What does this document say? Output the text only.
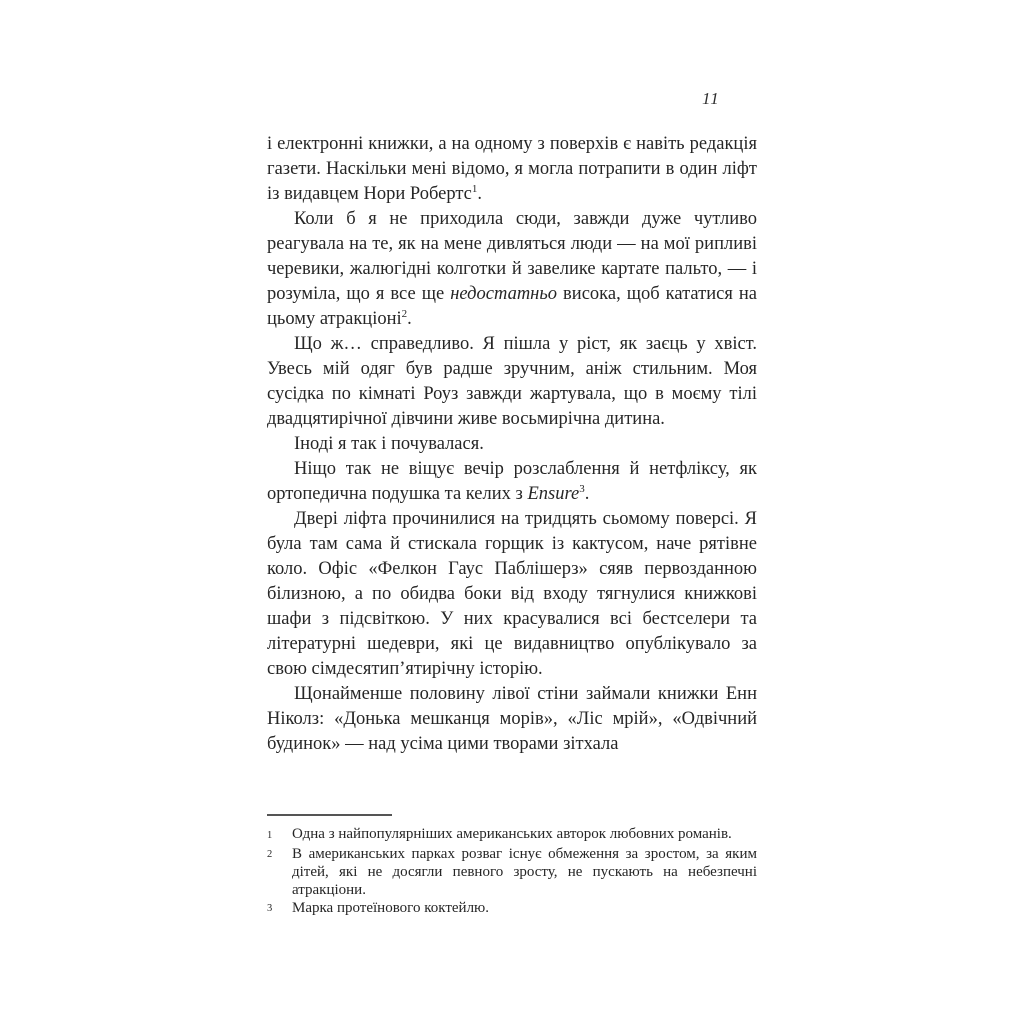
11

і електронні книжки, а на одному з поверхів є навіть редакція газети. Наскільки мені відомо, я могла потрапити в один ліфт із видавцем Нори Робертс$^1$.

Коли б я не приходила сюди, завжди дуже чутливо реагувала на те, як на мене дивляться люди — на мої рипливі черевики, жалюгідні колготки й завелике картате пальто, — і розуміла, що я все ще недостатньо висока, щоб кататися на цьому атракціоні$^2$.

Що ж… справедливо. Я пішла у ріст, як заєць у хвіст. Увесь мій одяг був радше зручним, аніж стильним. Моя сусідка по кімнаті Роуз завжди жартувала, що в моєму тілі двадцятирічної дівчини живе восьмирічна дитина.

Іноді я так і почувалася.

Ніщо так не віщує вечір розслаблення й нетфліксу, як ортопедична подушка та келих з Ensure$^3$.

Двері ліфта прочинилися на тридцять сьомому поверсі. Я була там сама й стискала горщик із кактусом, наче рятівне коло. Офіс «Фелкон Гаус Паблішерз» сяяв первозданною білизною, а по обидва боки від входу тягнулися книжкові шафи з підсвіткою. У них красувалися всі бестселери та літературні шедеври, які це видавництво опублікувало за свою сімдесятип’ятирічну історію.

Щонайменше половину лівої стіни займали книжки Енн Ніколз: «Донька мешканця морів», «Ліс мрій», «Одвічний будинок» — над усіма цими творами зітхала

1	Одна з найпопулярніших американських авторок любовних романів.
2	В американських парках розваг існує обмеження за зростом, за яким дітей, які не досягли певного зросту, не пускають на небезпечні атракціони.
3	Марка протеїнового коктейлю.
